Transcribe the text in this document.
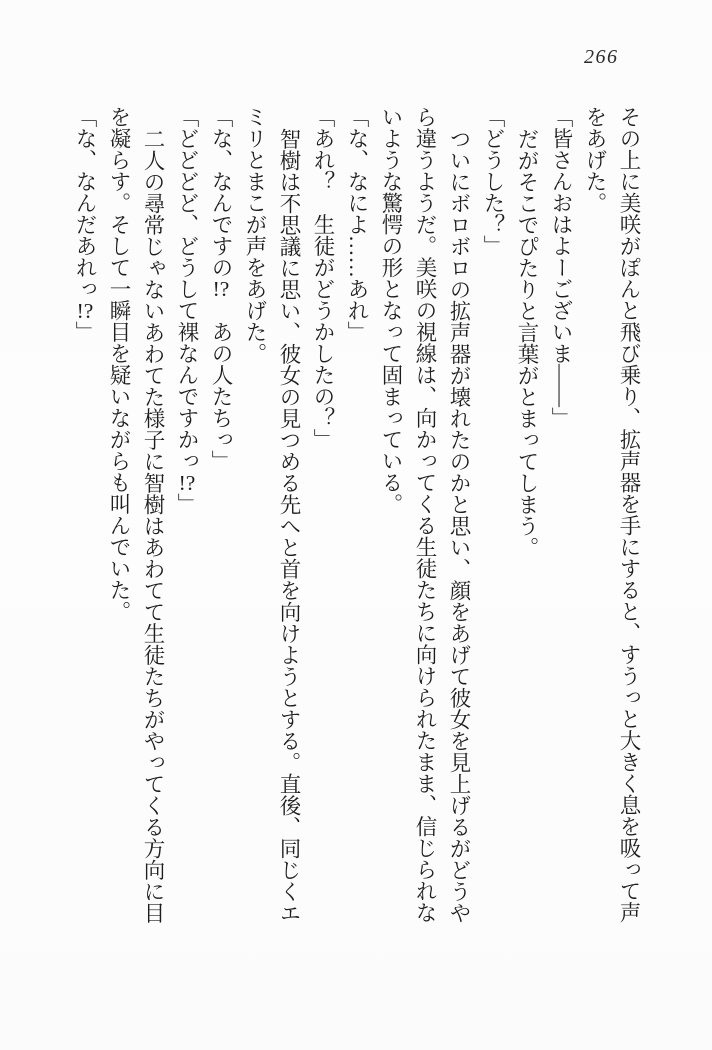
266

その上に美咲がぽんと飛び乗り、拡声器を手にすると、すうっと大きく息を吸って声をあげた。

「皆さんおはよーございま――」

だがそこでぴたりと言葉がとまってしまう。

「どうした？」

ついにボロボロの拡声器が壊れたのかと思い、顔をあげて彼女を見上げるがどうやら違うようだ。美咲の視線は、向かってくる生徒たちに向けられたまま、信じられないような驚愕の形となって固まっている。

「な、なによ……あれ」

「あれ？　生徒がどうかしたの？」

智樹は不思議に思い、彼女の見つめる先へと首を向けようとする。直後、同じくエミリとまこが声をあげた。

「な、なんですの!?　あの人たちっ」

「どどどど、どうして裸なんですかっ!?」

二人の尋常じゃないあわてた様子に智樹はあわてて生徒たちがやってくる方向に目を凝らす。そして一瞬目を疑いながらも叫んでいた。

「な、なんだあれっ!?」
